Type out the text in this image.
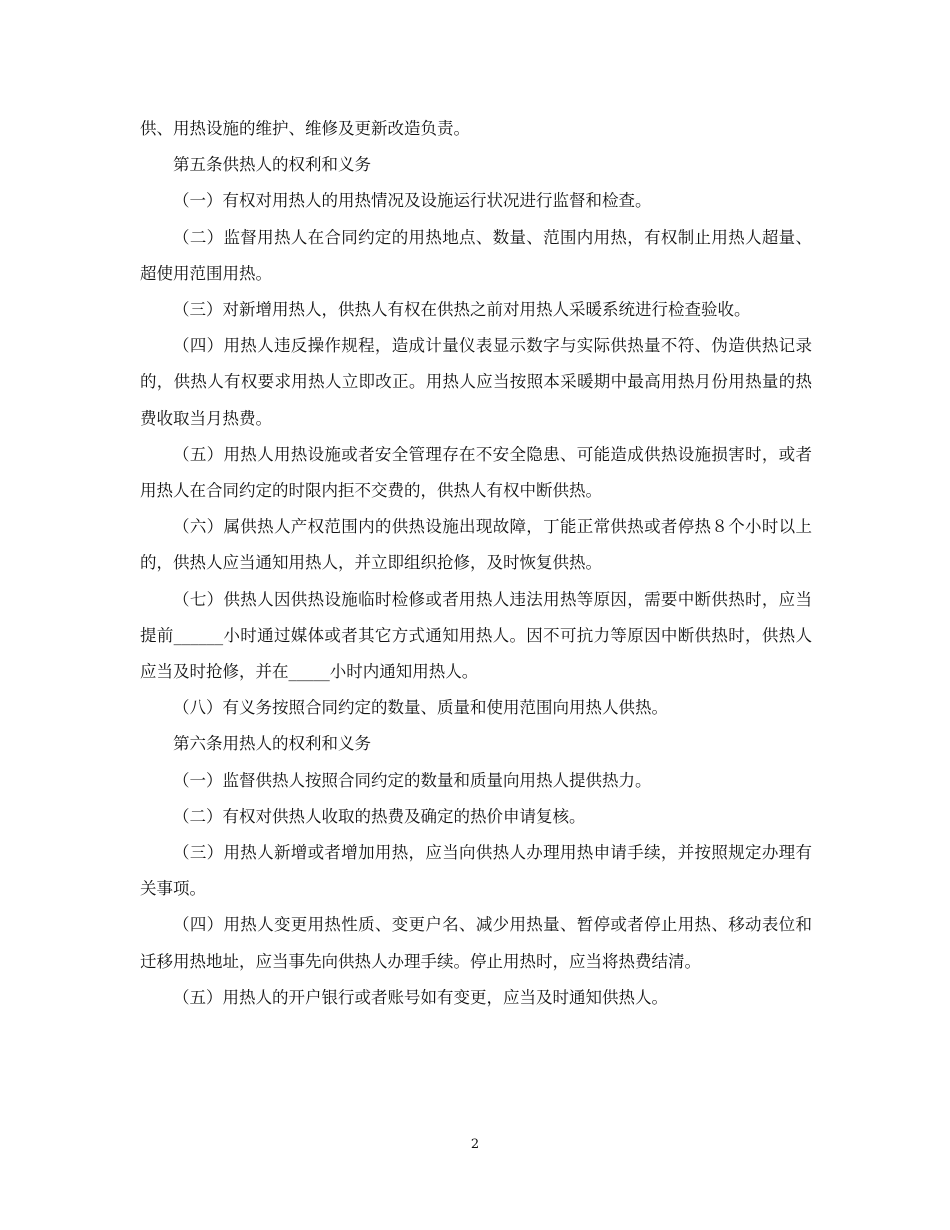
供、用热设施的维护、维修及更新改造负责。

第五条供热人的权利和义务

（一）有权对用热人的用热情况及设施运行状况进行监督和检查。

（二）监督用热人在合同约定的用热地点、数量、范围内用热，有权制止用热人超量、超使用范围用热。

（三）对新增用热人，供热人有权在供热之前对用热人采暖系统进行检查验收。

（四）用热人违反操作规程，造成计量仪表显示数字与实际供热量不符、伪造供热记录的，供热人有权要求用热人立即改正。用热人应当按照本采暖期中最高用热月份用热量的热费收取当月热费。

（五）用热人用热设施或者安全管理存在不安全隐患、可能造成供热设施损害时，或者用热人在合同约定的时限内拒不交费的，供热人有权中断供热。

（六）属供热人产权范围内的供热设施出现故障，丁能正常供热或者停热８个小时以上的，供热人应当通知用热人，并立即组织抢修，及时恢复供热。

（七）供热人因供热设施临时检修或者用热人违法用热等原因，需要中断供热时，应当提前______小时通过媒体或者其它方式通知用热人。因不可抗力等原因中断供热时，供热人应当及时抢修，并在_____小时内通知用热人。

（八）有义务按照合同约定的数量、质量和使用范围向用热人供热。

第六条用热人的权利和义务

（一）监督供热人按照合同约定的数量和质量向用热人提供热力。

（二）有权对供热人收取的热费及确定的热价申请复核。

（三）用热人新增或者增加用热，应当向供热人办理用热申请手续，并按照规定办理有关事项。

（四）用热人变更用热性质、变更户名、减少用热量、暂停或者停止用热、移动表位和迁移用热地址，应当事先向供热人办理手续。停止用热时，应当将热费结清。

（五）用热人的开户银行或者账号如有变更，应当及时通知供热人。

2
